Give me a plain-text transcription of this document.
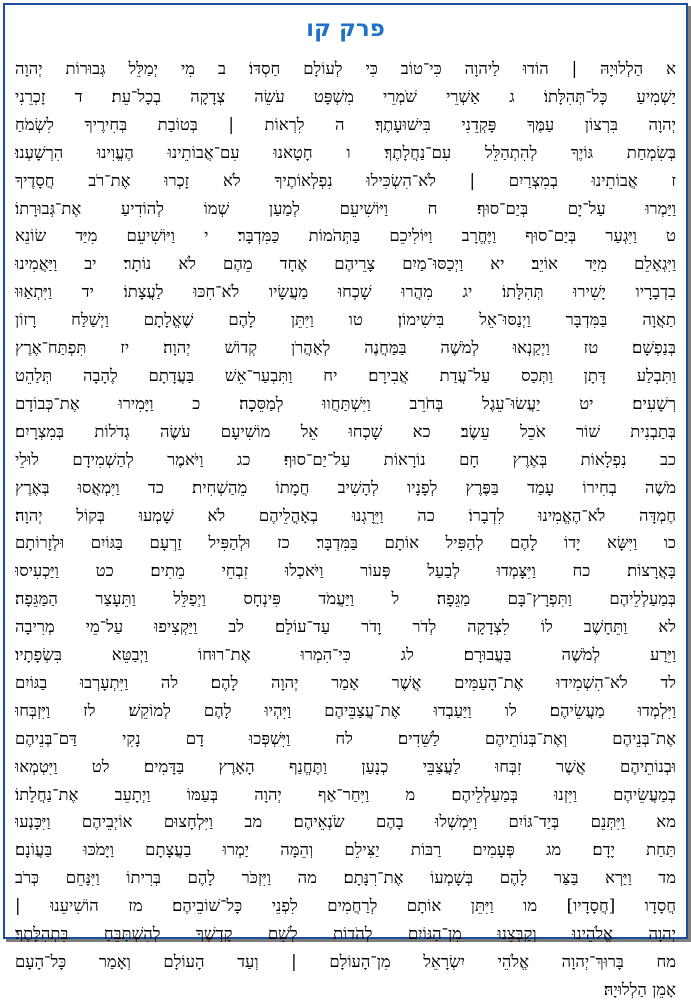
פרק קו
א הַלְלוּיָהּ | הוֹדוּ לַיהוָה כִּי־טוֹב כִּי לְעוֹלָם חַסְדּוֹ׃ ב מִי יְמַלֵּל גְּבוּרוֹת יְהוָה
יַשְׁמִיעַ כָּל־תְּהִלָּתוֹ׃ ג אַשְׁרֵי שֹׁמְרֵי מִשְׁפָּט עֹשֵׂה צְדָקָה בְכָל־עֵת׃ ד זָכְרֵנִי
יְהוָה בִּרְצוֹן עַמֶּךָ פָּקְדֵנִי בִּישׁוּעָתֶךָ׃ ה לִרְאוֹת | בְּטוֹבַת בְּחִירֶיךָ לִשְׂמֹחַ
בְּשִׂמְחַת גּוֹיֶךָ לְהִתְהַלֵּל עִם־נַחֲלָתֶךָ׃ ו חָטָאנוּ עִם־אֲבוֹתֵינוּ הֶעֱוִינוּ הִרְשָׁעְנוּ׃
ז אֲבוֹתֵינוּ בְמִצְרַיִם | לֹא־הִשְׂכִּילוּ נִפְלְאוֹתֶיךָ לֹא זָכְרוּ אֶת־רֹב חֲסָדֶיךָ
וַיַּמְרוּ עַל־יָם בְּיַם־סוּף׃ ח וַיּוֹשִׁיעֵם לְמַעַן שְׁמוֹ לְהוֹדִיעַ אֶת־גְּבוּרָתוֹ׃
ט וַיִּגְעַר בְּיַם־סוּף וַיֶּחֱרָב וַיּוֹלִיכֵם בַּתְּהֹמוֹת כַּמִּדְבָּר׃ י וַיּוֹשִׁיעֵם מִיַּד שׂוֹנֵא
וַיִּגְאָלֵם מִיַּד אוֹיֵב׃ יא וַיְכַסּוּ־מַיִם צָרֵיהֶם אֶחָד מֵהֶם לֹא נוֹתָר׃ יב וַיַּאֲמִינוּ
בִדְבָרָיו יָשִׁירוּ תְּהִלָּתוֹ׃ יג מִהֲרוּ שָׁכְחוּ מַעֲשָׂיו לֹא־חִכּוּ לַעֲצָתוֹ׃ יד וַיִּתְאַוּוּ
תַאֲוָה בַּמִּדְבָּר וַיְנַסּוּ־אֵל בִּישִׁימוֹן׃ טו וַיִּתֵּן לָהֶם שֶׁאֱלָתָם וַיְשַׁלַּח רָזוֹן
בְּנַפְשָׁם׃ טז וַיְקַנְאוּ לְמֹשֶׁה בַּמַּחֲנֶה לְאַהֲרֹן קְדוֹשׁ יְהוָה׃ יז תִּפְתַּח־אֶרֶץ
וַתִּבְלַע דָּתָן וַתְּכַס עַל־עֲדַת אֲבִירָם׃ יח וַתִּבְעַר־אֵשׁ בַּעֲדָתָם לֶהָבָה תְּלַהֵט
רְשָׁעִים׃ יט יַעֲשׂוּ־עֵגֶל בְּחֹרֵב וַיִּשְׁתַּחֲווּ לְמַסֵּכָה׃ כ וַיָּמִירוּ אֶת־כְּבוֹדָם
בְּתַבְנִית שׁוֹר אֹכֵל עֵשֶׂב׃ כא שָׁכְחוּ אֵל מוֹשִׁיעָם עֹשֶׂה גְדֹלוֹת בְּמִצְרָיִם׃
כב נִפְלָאוֹת בְּאֶרֶץ חָם נוֹרָאוֹת עַל־יַם־סוּף׃ כג וַיֹּאמֶר לְהַשְׁמִידָם לוּלֵי
מֹשֶׁה בְחִירוֹ עָמַד בַּפֶּרֶץ לְפָנָיו לְהָשִׁיב חֲמָתוֹ מֵהַשְׁחִית׃ כד וַיִּמְאֲסוּ בְּאֶרֶץ
חֶמְדָּה לֹא־הֶאֱמִינוּ לִדְבָרוֹ׃ כה וַיֵּרָגְנוּ בְאָהֳלֵיהֶם לֹא שָׁמְעוּ בְּקוֹל יְהוָה׃
כו וַיִּשָּׂא יָדוֹ לָהֶם לְהַפִּיל אוֹתָם בַּמִּדְבָּר׃ כז וּלְהַפִּיל זַרְעָם בַּגּוֹיִם וּלְזָרוֹתָם
בָּאֲרָצוֹת׃ כח וַיִּצָּמְדוּ לְבַעַל פְּעוֹר וַיֹּאכְלוּ זִבְחֵי מֵתִים׃ כט וַיַּכְעִיסוּ
בְּמַעַלְלֵיהֶם וַתִּפְרָץ־בָּם מַגֵּפָה׃ ל וַיַּעֲמֹד פִּינְחָס וַיְפַלֵּל וַתֵּעָצַר הַמַּגֵּפָה׃
לא וַתֵּחָשֶׁב לוֹ לִצְדָקָה לְדֹר וָדֹר עַד־עוֹלָם׃ לב וַיַּקְצִיפוּ עַל־מֵי מְרִיבָה
וַיֵּרַע לְמֹשֶׁה בַּעֲבוּרָם׃ לג כִּי־הִמְרוּ אֶת־רוּחוֹ וַיְבַטֵּא בִּשְׂפָתָיו׃
לד לֹא־הִשְׁמִידוּ אֶת־הָעַמִּים אֲשֶׁר אָמַר יְהוָה לָהֶם׃ לה וַיִּתְעָרְבוּ בַגּוֹיִם
וַיִּלְמְדוּ מַעֲשֵׂיהֶם׃ לו וַיַּעַבְדוּ אֶת־עֲצַבֵּיהֶם וַיִּהְיוּ לָהֶם לְמוֹקֵשׁ׃ לז וַיִּזְבְּחוּ
אֶת־בְּנֵיהֶם וְאֶת־בְּנוֹתֵיהֶם לַשֵּׁדִים׃ לח וַיִּשְׁפְּכוּ דָם נָקִי דַּם־בְּנֵיהֶם
וּבְנוֹתֵיהֶם אֲשֶׁר זִבְּחוּ לַעֲצַבֵּי כְנָעַן וַתֶּחֱנַף הָאָרֶץ בַּדָּמִים׃ לט וַיִּטְמְאוּ
בְמַעֲשֵׂיהֶם וַיִּזְנוּ בְּמַעַלְלֵיהֶם׃ מ וַיִּחַר־אַף יְהוָה בְּעַמּוֹ וַיְתָעֵב אֶת־נַחֲלָתוֹ׃
מא וַיִּתְּנֵם בְּיַד־גּוֹיִם וַיִּמְשְׁלוּ בָהֶם שֹׂנְאֵיהֶם׃ מב וַיִּלְחָצוּם אוֹיְבֵיהֶם וַיִּכָּנְעוּ
תַּחַת יָדָם׃ מג פְּעָמִים רַבּוֹת יַצִּילֵם וְהֵמָּה יַמְרוּ בַעֲצָתָם וַיָּמֹכּוּ בַּעֲוֹנָם׃
מד וַיַּרְא בַּצַּר לָהֶם בְּשָׁמְעוֹ אֶת־רִנָּתָם׃ מה וַיִּזְכֹּר לָהֶם בְּרִיתוֹ וַיִּנָּחֵם כְּרֹב
חֲסָדָו [חֲסָדָיו]׃ מו וַיִּתֵּן אוֹתָם לְרַחֲמִים לִפְנֵי כָּל־שׁוֹבֵיהֶם׃ מז הוֹשִׁיעֵנוּ |
יְהוָה אֱלֹהֵינוּ וְקַבְּצֵנוּ מִן־הַגּוֹיִם לְהֹדוֹת לְשֵׁם קָדְשֶׁךָ לְהִשְׁתַּבֵּחַ בִּתְהִלָּתֶךָ׃
מח בָּרוּךְ־יְהוָה אֱלֹהֵי יִשְׂרָאֵל מִן־הָעוֹלָם | וְעַד הָעוֹלָם וְאָמַר כָּל־הָעָם
אָמֵן הַלְלוּיָהּ׃
